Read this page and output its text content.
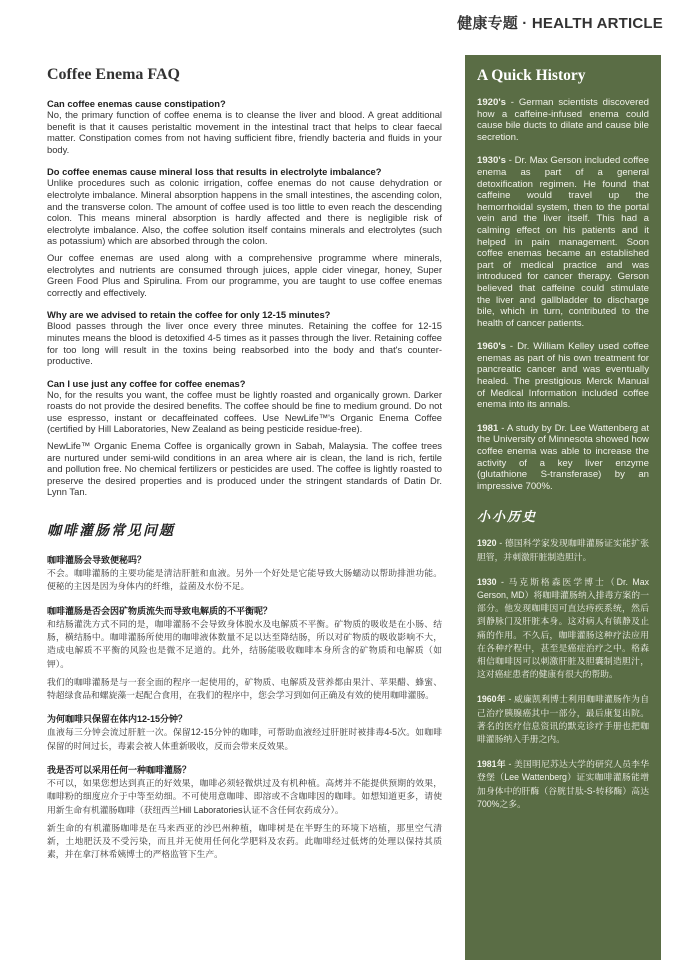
健康专题 · HEALTH ARTICLE
Coffee Enema FAQ
Can coffee enemas cause constipation?
No, the primary function of coffee enema is to cleanse the liver and blood. A great additional benefit is that it causes peristaltic movement in the intestinal tract that helps to clear faecal matter. Constipation comes from not having sufficient fibre, friendly bacteria and fluids in your body.
Do coffee enemas cause mineral loss that results in electrolyte imbalance?
Unlike procedures such as colonic irrigation, coffee enemas do not cause dehydration or electrolyte imbalance. Mineral absorption happens in the small intestines, the ascending colon, and the transverse colon. The amount of coffee used is too little to even reach the descending colon. This means mineral absorption is hardly affected and there is negligible risk of electrolyte imbalance. Also, the coffee solution itself contains minerals and electrolytes (such as potassium) which are absorbed through the colon.
Our coffee enemas are used along with a comprehensive programme where minerals, electrolytes and nutrients are consumed through juices, apple cider vinegar, honey, Super Green Food Plus and Spirulina. From our programme, you are taught to use coffee enemas correctly and effectively.
Why are we advised to retain the coffee for only 12-15 minutes?
Blood passes through the liver once every three minutes. Retaining the coffee for 12-15 minutes means the blood is detoxified 4-5 times as it passes through the liver. Retaining coffee for too long will result in the toxins being reabsorbed into the body and that's counter-productive.
Can I use just any coffee for coffee enemas?
No, for the results you want, the coffee must be lightly roasted and organically grown. Darker roasts do not provide the desired benefits. The coffee should be fine to medium ground. Do not use espresso, instant or decaffeinated coffees. Use NewLife™'s Organic Enema Coffee (certified by Hill Laboratories, New Zealand as being pesticide residue-free).
NewLife™ Organic Enema Coffee is organically grown in Sabah, Malaysia. The coffee trees are nurtured under semi-wild conditions in an area where air is clean, the land is rich, fertile and pollution free. No chemical fertilizers or pesticides are used. The coffee is lightly roasted to preserve the desired properties and is produced under the stringent standards of Datin Dr. Lynn Tan.
咖啡灌肠常见问题
咖啡灌肠会导致便秘吗？
不会。咖啡灌肠的主要功能是清洁肝脏和血液。另外一个好处是它能导致大肠蠕动以帮助排泄功能。便秘的主因是因为身体内的纤维，益菌及水份不足。
咖啡灌肠是否会因矿物质流失而导致电解质的不平衡呢？
和结肠灌洗方式不同的是，咖啡灌肠不会导致身体脱水及电解质不平衡。矿物质的吸收是在小肠、结肠，横结肠中。咖啡灌肠所使用的咖啡液体数量不足以达至降结肠，所以对矿物质的吸收影响不大，造成电解质不平衡的风险也是微不足道的。此外，结肠能吸收咖啡本身所含的矿物质和电解质（如钾）。
我们的咖啡灌肠是与一套全面的程序一起使用的，矿物质、电解质及营养都由果汁、苹果醋、蜂蜜、特超绿食品和螺旋藻一起配合食用，在我们的程序中，您会学习到如何正确及有效的使用咖啡灌肠。
为何咖啡只保留在体内12-15分钟？
血液每三分钟会流过肝脏一次。保留12-15分钟的咖啡，可帮助血液经过肝脏时被排毒4-5次。如咖啡保留的时间过长，毒素会被人体重新吸收，反而会带来反效果。
我是否可以采用任何一种咖啡灌肠？
不可以，如果您想达到真正的好效果，咖啡必须轻微烘过及有机种植。高烤并不能提供预期的效果，咖啡粉的细度应介于中等至幼细。不可使用意咖啡、即溶或不含咖啡因的咖啡。如想知道更多，请使用新生命有机灌肠咖啡（获纽西兰Hill Laboratories认证不含任何农药成分）。
新生命的有机灌肠咖啡是在马来西亚的沙巴州种植，咖啡树是在半野生的环境下培植，那里空气清新，土地肥沃及不受污染，而且并无使用任何化学肥料及农药。此咖啡经过低烤的处理以保持其质素，并在拿汀林希姨博士的严格监管下生产。
A Quick History
1920's - German scientists discovered how a caffeine-infused enema could cause bile ducts to dilate and cause bile secretion.
1930's - Dr. Max Gerson included coffee enema as part of a general detoxification regimen. He found that caffeine would travel up the hemorrhoidal system, then to the portal vein and the liver itself. This had a calming effect on his patients and it helped in pain management. Soon coffee enemas became an established part of medical practice and was introduced for cancer therapy. Gerson believed that caffeine could stimulate the liver and gallbladder to discharge bile, which in turn, contributed to the health of cancer patients.
1960's - Dr. William Kelley used coffee enemas as part of his own treatment for pancreatic cancer and was eventually healed. The prestigious Merck Manual of Medical Information included coffee enema into its annals.
1981 - A study by Dr. Lee Wattenberg at the University of Minnesota showed how coffee enema was able to increase the activity of a key liver enzyme (glutathione S-transferase) by an impressive 700%.
小小历史
1920 - 德国科学家发现咖啡灌肠证实能扩张胆管，并刺激肝脏制造胆汁。
1930 - 马克斯格森医学博士（Dr. Max Gerson, MD）将咖啡灌肠纳入排毒方案的一部分。他发现咖啡因可直达痔疾系统，然后到静脉门及肝脏本身。这对病人有镇静及止痛的作用。不久后，咖啡灌肠这种疗法应用在各种疗程中，甚至是癌症治疗之中。格森相信咖啡因可以刺激肝脏及胆囊制造胆汁，这对癌症患者的健康有很大的帮助。
1960年 - 威廉凯利博士利用咖啡灌肠作为自己治疗胰腺癌其中一部分，最后康复出院。著名的医疗信息资讯的默克诊疗手册也把咖啡灌肠纳入手册之内。
1981年 - 美国明尼苏达大学的研究人员李华登堡（Lee Wattenberg）证实咖啡灌肠能增加身体中的肝酶（谷胱甘肽-S-转移酶）高达700%之多。
